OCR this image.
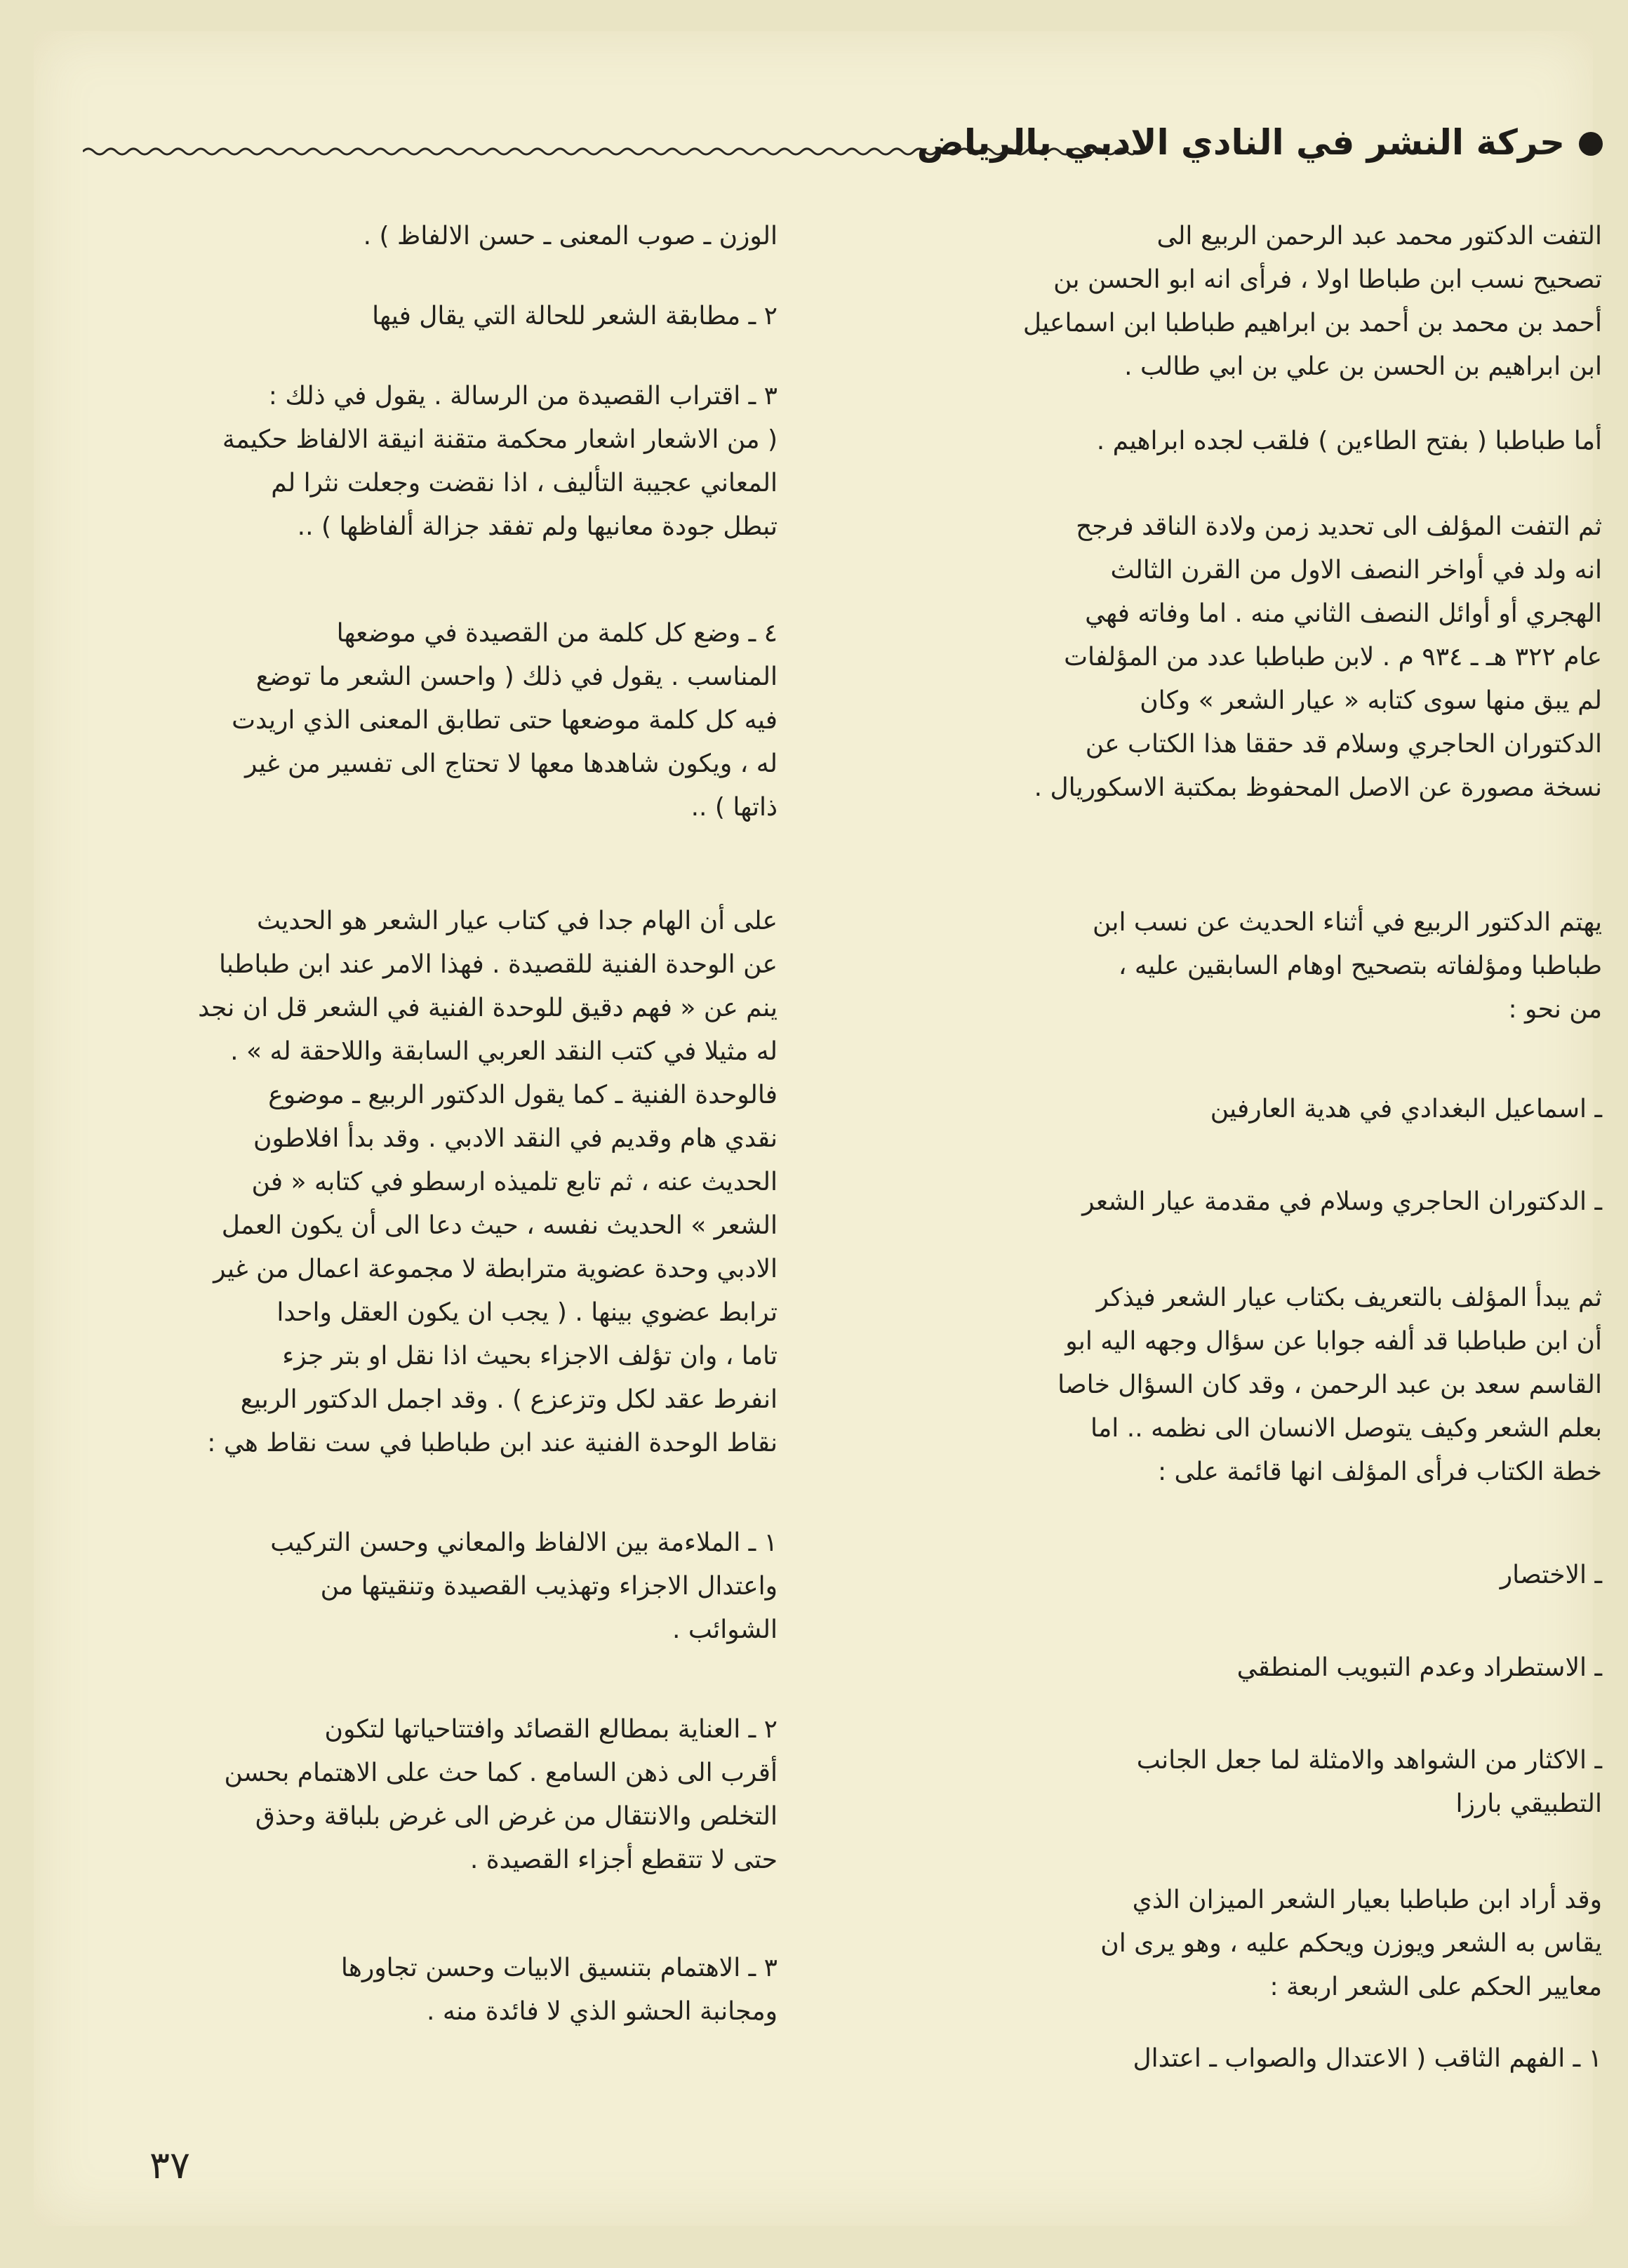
حركة النشر في النادي الادبي بالرياض

التفت الدكتور محمد عبد الرحمن الربيع الى
تصحيح نسب ابن طباطا اولا ، فرأى انه ابو الحسن بن
أحمد بن محمد بن أحمد بن ابراهيم طباطبا ابن اسماعيل
ابن ابراهيم بن الحسن بن علي بن ابي طالب .

أما طباطبا ( بفتح الطاءين ) فلقب لجده ابراهيم .

ثم التفت المؤلف الى تحديد زمن ولادة الناقد فرجح
انه ولد في أواخر النصف الاول من القرن الثالث
الهجري أو أوائل النصف الثاني منه . اما وفاته فهي
عام ٣٢٢ هـ ـ ٩٣٤ م . لابن طباطبا عدد من المؤلفات
لم يبق منها سوى كتابه « عيار الشعر » وكان
الدكتوران الحاجري وسلام قد حققا هذا الكتاب عن
نسخة مصورة عن الاصل المحفوظ بمكتبة الاسكوريال .

يهتم الدكتور الربيع في أثناء الحديث عن نسب ابن
طباطبا ومؤلفاته بتصحيح اوهام السابقين عليه ،
من نحو :

ـ اسماعيل البغدادي في هدية العارفين

ـ الدكتوران الحاجري وسلام في مقدمة عيار الشعر

ثم يبدأ المؤلف بالتعريف بكتاب عيار الشعر فيذكر
أن ابن طباطبا قد ألفه جوابا عن سؤال وجهه اليه ابو
القاسم سعد بن عبد الرحمن ، وقد كان السؤال خاصا
بعلم الشعر وكيف يتوصل الانسان الى نظمه .. اما
خطة الكتاب فرأى المؤلف انها قائمة على :

ـ الاختصار

ـ الاستطراد وعدم التبويب المنطقي

ـ الاكثار من الشواهد والامثلة لما جعل الجانب
التطبيقي بارزا

وقد أراد ابن طباطبا بعيار الشعر الميزان الذي
يقاس به الشعر ويوزن ويحكم عليه ، وهو يرى ان
معايير الحكم على الشعر اربعة :

١ ـ الفهم الثاقب ( الاعتدال والصواب ـ اعتدال

الوزن ـ صوب المعنى ـ حسن الالفاظ ) .

٢ ـ مطابقة الشعر للحالة التي يقال فيها

٣ ـ اقتراب القصيدة من الرسالة . يقول في ذلك :
( من الاشعار اشعار محكمة متقنة انيقة الالفاظ حكيمة
المعاني عجيبة التأليف ، اذا نقضت وجعلت نثرا لم
تبطل جودة معانيها ولم تفقد جزالة ألفاظها ) ..

٤ ـ وضع كل كلمة من القصيدة في موضعها
المناسب . يقول في ذلك ( واحسن الشعر ما توضع
فيه كل كلمة موضعها حتى تطابق المعنى الذي اريدت
له ، ويكون شاهدها معها لا تحتاج الى تفسير من غير
ذاتها ) ..

على أن الهام جدا في كتاب عيار الشعر هو الحديث
عن الوحدة الفنية للقصيدة . فهذا الامر عند ابن طباطبا
ينم عن « فهم دقيق للوحدة الفنية في الشعر قل ان نجد
له مثيلا في كتب النقد العربي السابقة واللاحقة له » .
فالوحدة الفنية ـ كما يقول الدكتور الربيع ـ موضوع
نقدي هام وقديم في النقد الادبي . وقد بدأ افلاطون
الحديث عنه ، ثم تابع تلميذه ارسطو في كتابه « فن
الشعر » الحديث نفسه ، حيث دعا الى أن يكون العمل
الادبي وحدة عضوية مترابطة لا مجموعة اعمال من غير
ترابط عضوي بينها . ( يجب ان يكون العقل واحدا
تاما ، وان تؤلف الاجزاء بحيث اذا نقل او بتر جزء
انفرط عقد لكل وتزعزع ) . وقد اجمل الدكتور الربيع
نقاط الوحدة الفنية عند ابن طباطبا في ست نقاط هي :

١ ـ الملاءمة بين الالفاظ والمعاني وحسن التركيب
واعتدال الاجزاء وتهذيب القصيدة وتنقيتها من
الشوائب .

٢ ـ العناية بمطالع القصائد وافتتاحياتها لتكون
أقرب الى ذهن السامع . كما حث على الاهتمام بحسن
التخلص والانتقال من غرض الى غرض بلباقة وحذق
حتى لا تتقطع أجزاء القصيدة .

٣ ـ الاهتمام بتنسيق الابيات وحسن تجاورها
ومجانبة الحشو الذي لا فائدة منه .

٣٧
